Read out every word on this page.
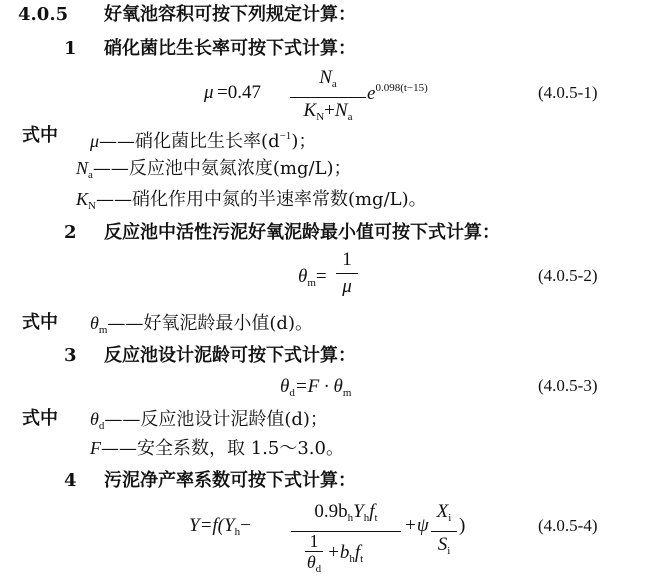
4.0.5 好氧池容积可按下列规定计算：
1 硝化菌比生长率可按下式计算：
μ =0.47
$N_a$
$K_N+N_a$
$e^{0.098(t-15)}$	(4.0.5-1)
式中 μ——硝化菌比生长率$(d^{-1})$；
$N_a——$反应池中氨氮浓度(mg/L)；
$K_N——$硝化作用中氮的半速率常数(mg/L)。
2 反应池中活性污泥好氧泥龄最小值可按下式计算：
$\theta_m=$
1
μ
(4.0.5-2)
式中 $\theta_m——$好氧泥龄最小值(d)。
3 反应池设计泥龄可按下式计算：
$\theta_d=F \cdot \theta_m$	(4.0.5-3)
式中 $\theta_d——$反应池设计泥龄值(d)；
F——安全系数，取 1.5～3.0。
4 污泥净产率系数可按下式计算：
$Y=f(Y_h-$
$0.9b_hY_hf_t$
1
$\theta_d$
$+b_hf_t$
+ψ
$X_i$
$S_i$
)	(4.0.5-4)
